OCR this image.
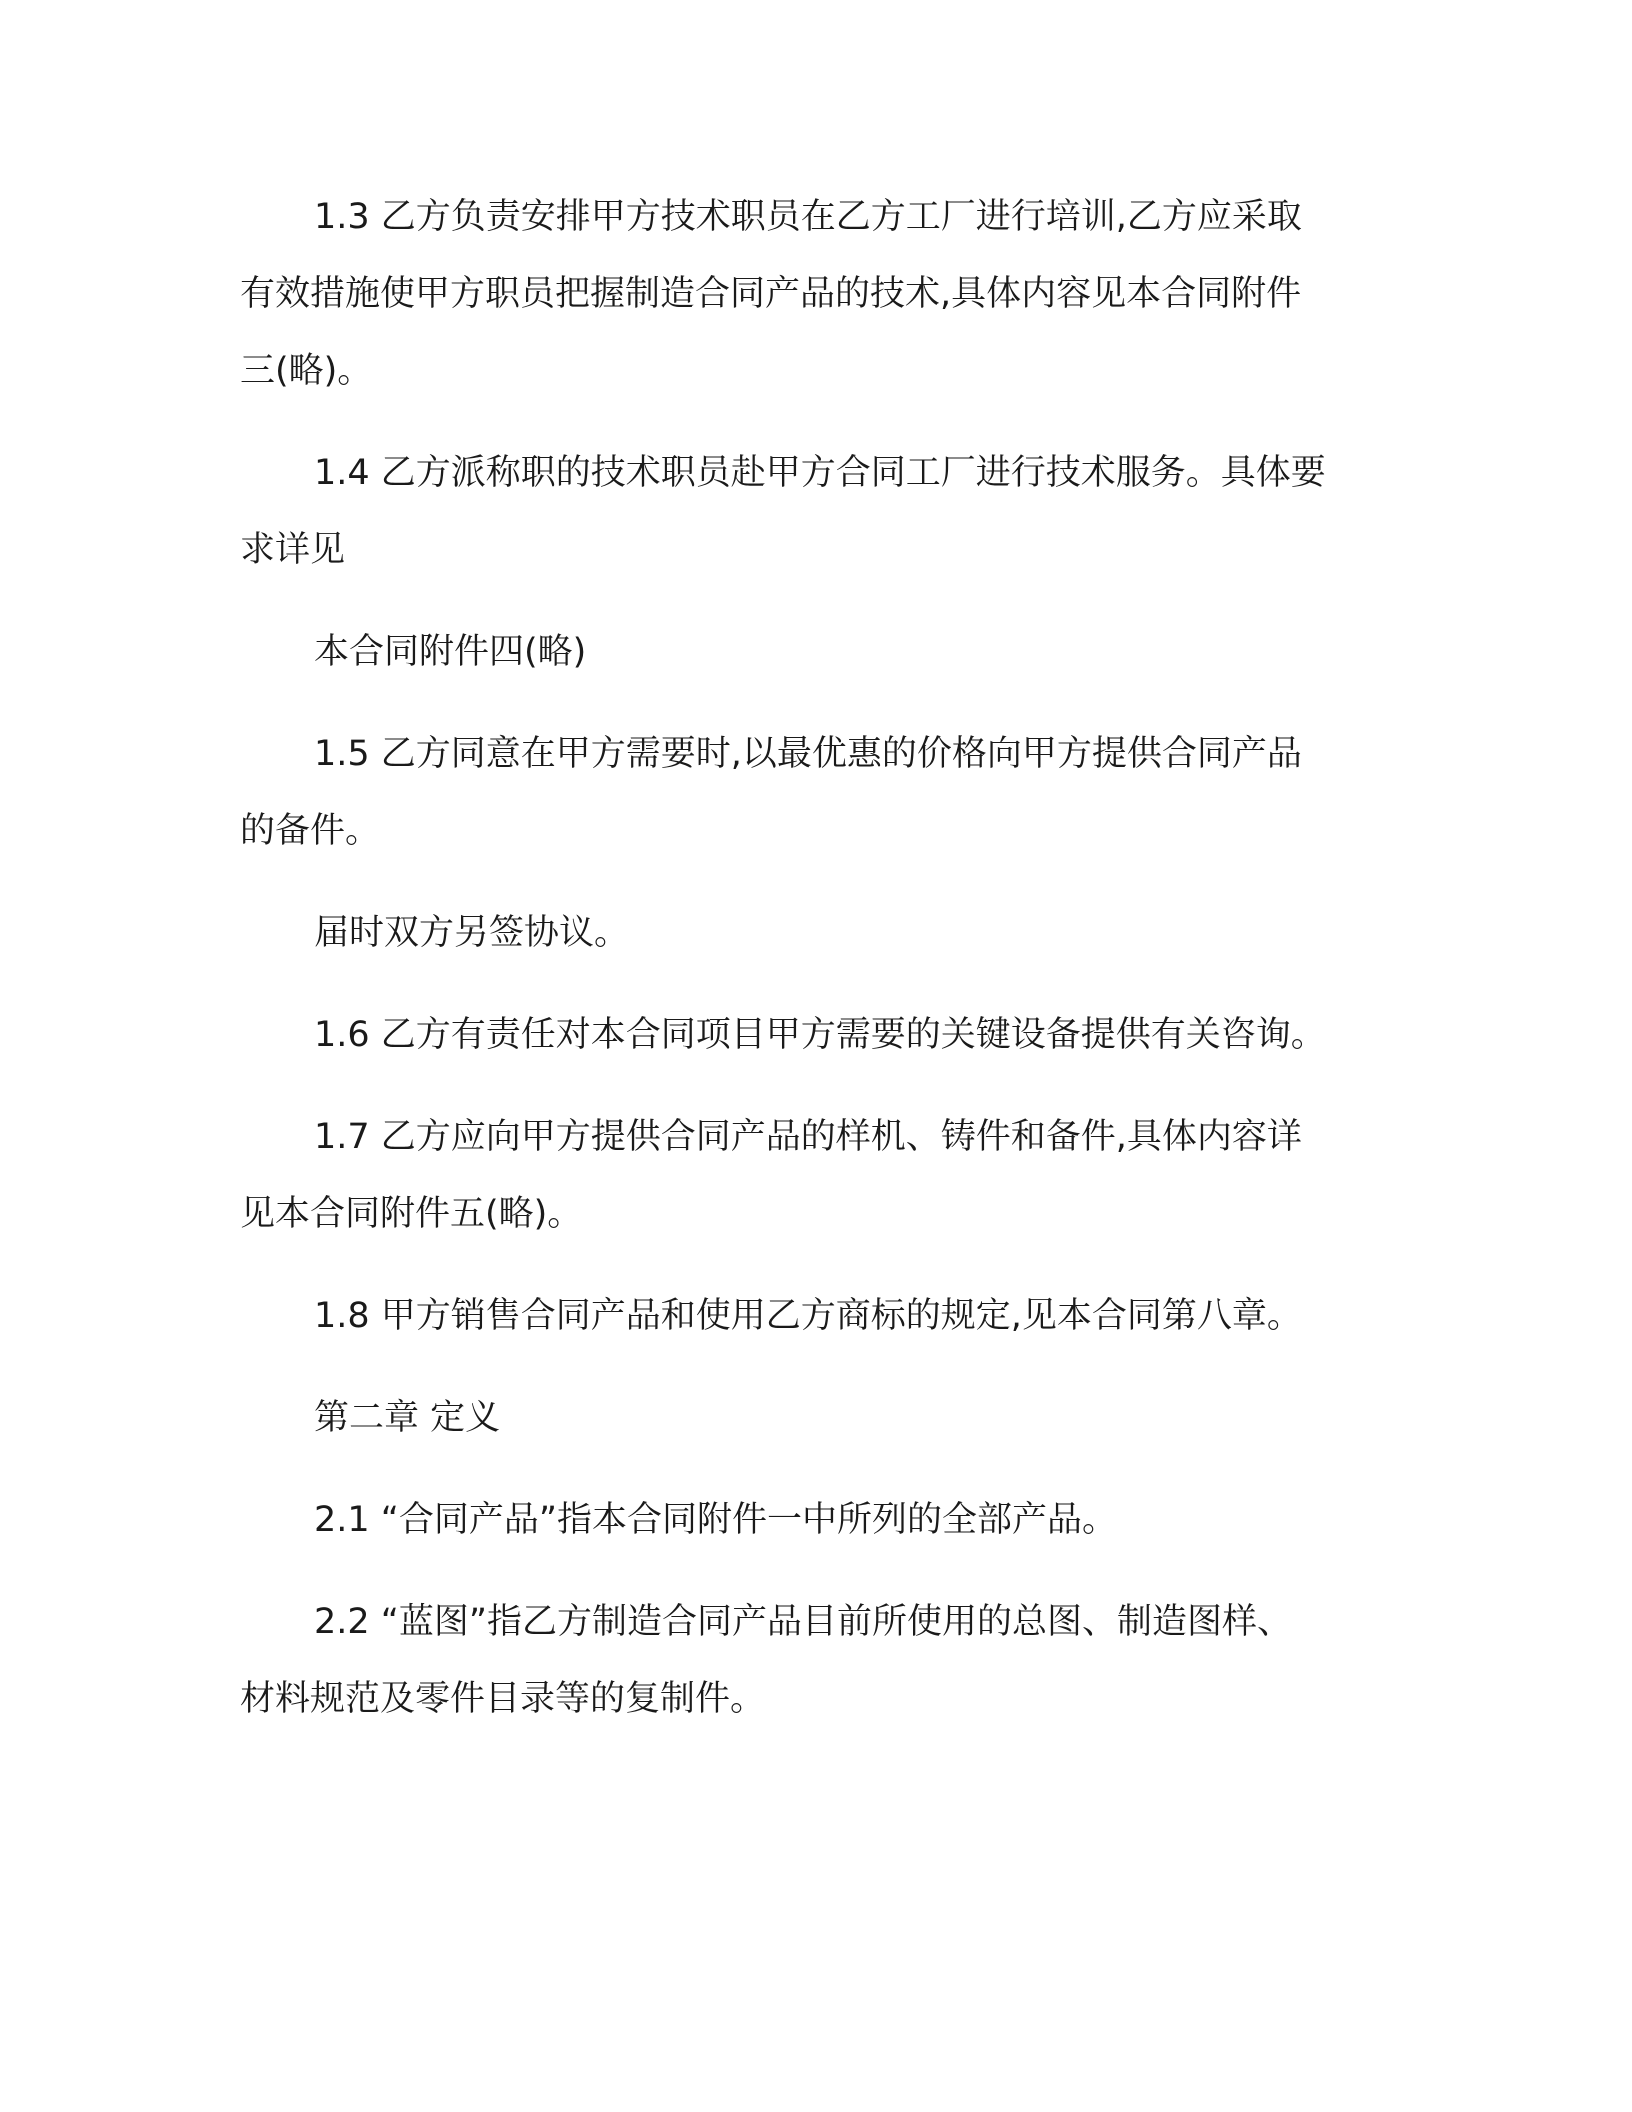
1.3 乙方负责安排甲方技术职员在乙方工厂进行培训,乙方应采取

有效措施使甲方职员把握制造合同产品的技术,具体内容见本合同附件

三(略)。

1.4 乙方派称职的技术职员赴甲方合同工厂进行技术服务。具体要

求详见

本合同附件四(略)

1.5 乙方同意在甲方需要时,以最优惠的价格向甲方提供合同产品

的备件。

届时双方另签协议。

1.6 乙方有责任对本合同项目甲方需要的关键设备提供有关咨询。

1.7 乙方应向甲方提供合同产品的样机、铸件和备件,具体内容详

见本合同附件五(略)。

1.8 甲方销售合同产品和使用乙方商标的规定,见本合同第八章。

第二章 定义

2.1 “合同产品”指本合同附件一中所列的全部产品。

2.2 “蓝图”指乙方制造合同产品目前所使用的总图、制造图样、

材料规范及零件目录等的复制件。
